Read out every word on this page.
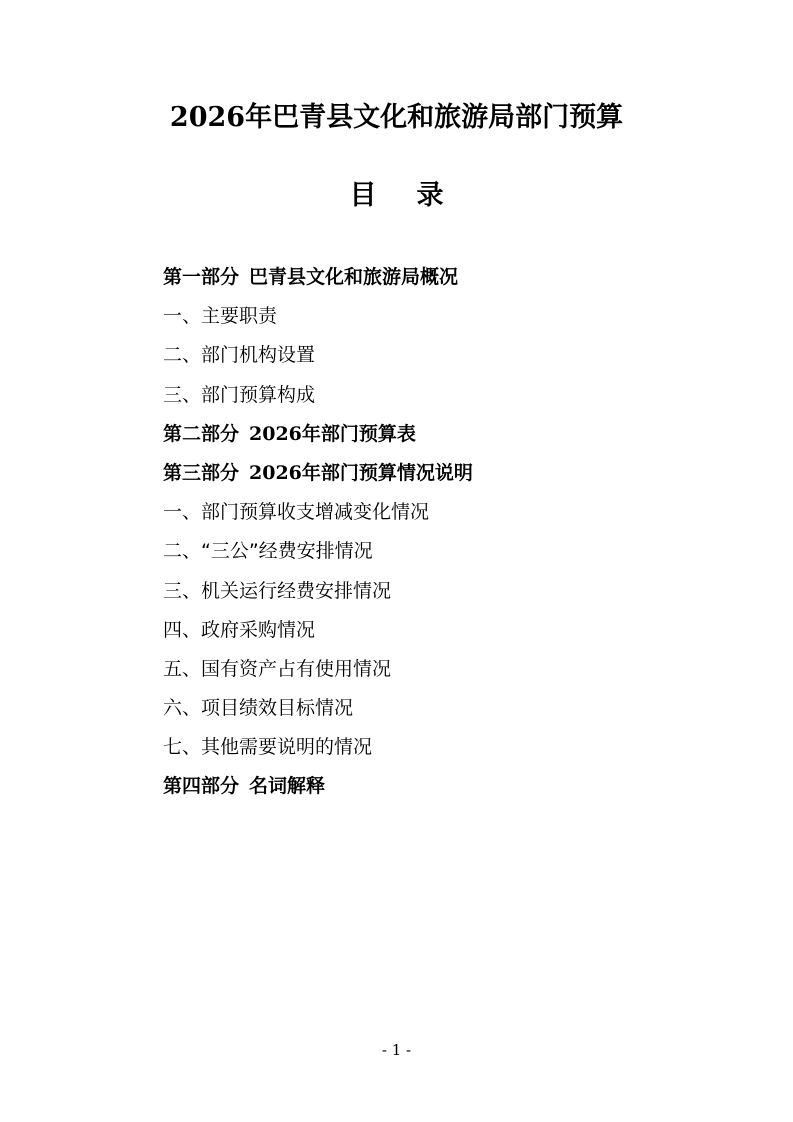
2026年巴青县文化和旅游局部门预算
目 录
第一部分 巴青县文化和旅游局概况
一、主要职责
二、部门机构设置
三、部门预算构成
第二部分 2026年部门预算表
第三部分 2026年部门预算情况说明
一、部门预算收支增减变化情况
二、“三公”经费安排情况
三、机关运行经费安排情况
四、政府采购情况
五、国有资产占有使用情况
六、项目绩效目标情况
七、其他需要说明的情况
第四部分 名词解释
- 1 -
